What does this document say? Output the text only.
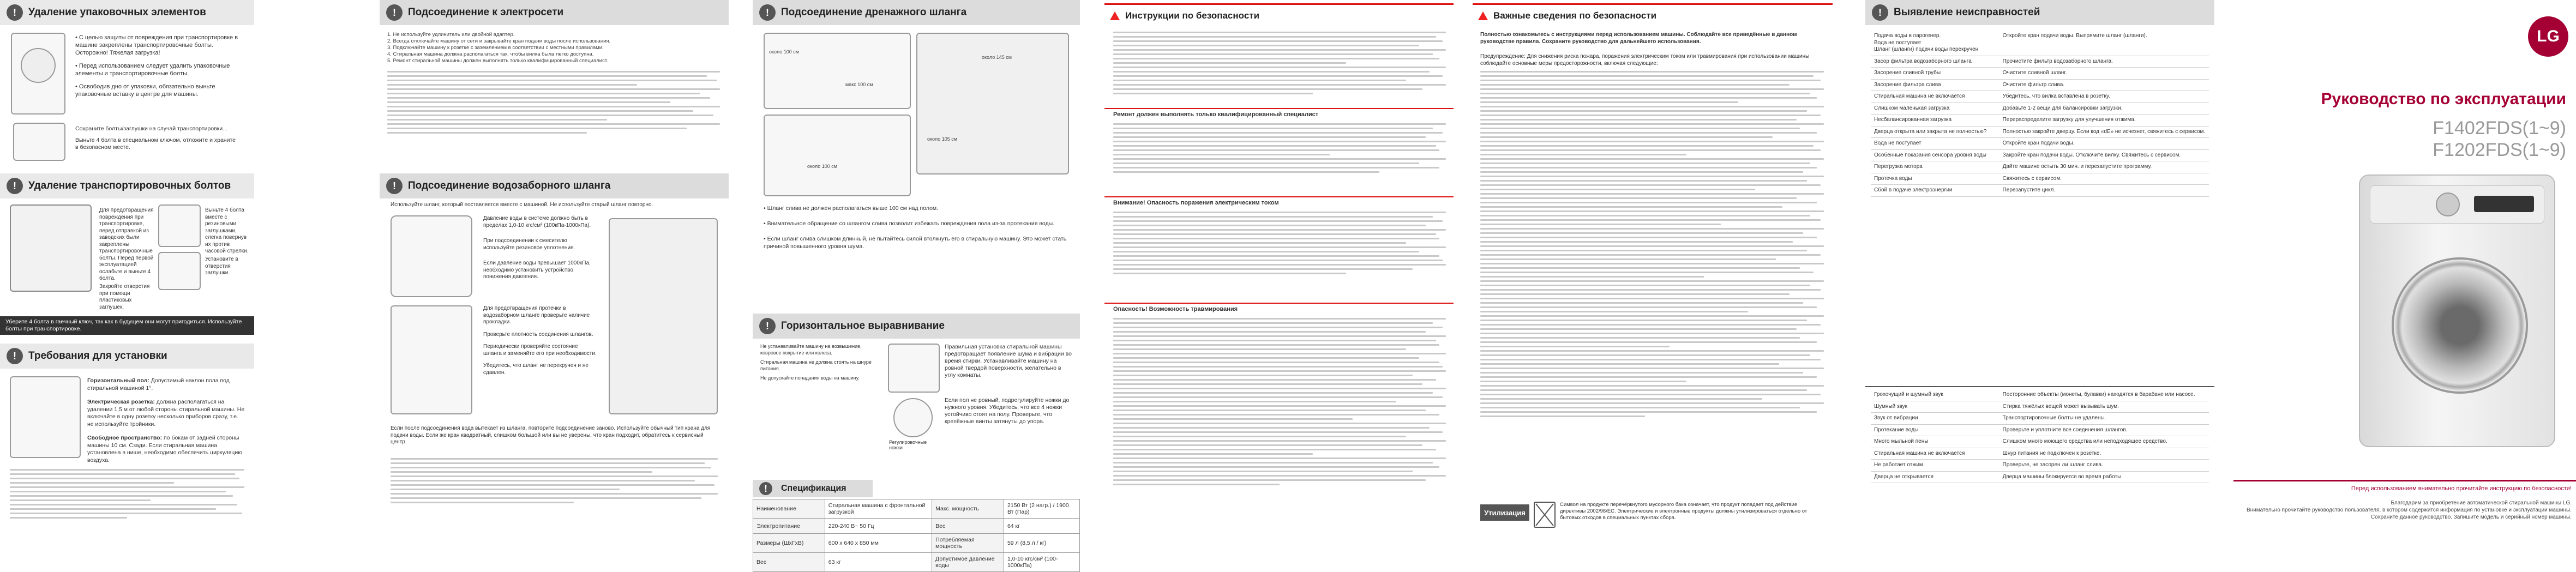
!	Удаление упаковочных элементов

• С целью защиты от повреждения при транспортировке в машине закреплены транспортировочные болты. Осторожно! Тяжелая загрузка!

• Перед использованием следует удалить упаковочные элементы и транспортировочные болты.

• Освободив дно от упаковки, обязательно выньте упаковочные вставку в центре для машины.

Сохраните болты/заглушки на случай транспортировки...

Выньте 4 болта в специальном ключом, отложите и храните в безопасном месте.

!	Удаление транспортировочных болтов
Для предотвращения повреждения при транспортировке, перед отправкой из заводских были закреплены транспортировочные болты. Перед первой эксплуатацией ослабьте и выньте 4 болта.
Выньте 4 болта вместе с резиновыми заглушками, слегка повернув их против часовой стрелки.
Закройте отверстия при помощи пластиковых заглушек.
Установите в отверстия заглушки.
Уберите 4 болта в гаечный ключ, так как в будущем они могут пригодиться. Используйте болты при транспортировке.
!	Требования для установки

Горизонтальный пол: Допустимый наклон пола под стиральной машиной 1°.

Электрическая розетка: должна располагаться на удалении 1,5 м от любой стороны стиральной машины. Не включайте в одну розетку несколько приборов сразу, т.е. не используйте тройники.

Свободное пространство: по бокам от задней стороны машины 10 см. Сзади. Если стиральная машина установлена в нише, необходимо обеспечить циркуляцию воздуха.

!	Подсоединение к электросети

1. Не используйте удлинитель или двойной адаптер.

2. Всегда отключайте машину от сети и закрывайте кран подачи воды после использования.

3. Подключайте машину к розетке с заземлением в соответствии с местными правилами.

4. Стиральная машина должна располагаться так, чтобы вилка была легко доступна.

5. Ремонт стиральной машины должен выполнять только квалифицированный специалист.

!	Подсоединение водозаборного шланга
Используйте шланг, который поставляется вместе с машиной. Не используйте старый шланг повторно.

Давление воды в системе должно быть в пределах 1,0-10 кгс/см² (100кПа-1000кПа).

При подсоединении к смесителю используйте резиновое уплотнение.

Если давление воды превышает 1000кПа, необходимо установить устройство понижения давления.

Для предотвращения протечки в водозаборном шланге проверьте наличие прокладки.

Проверьте плотность соединения шлангов.

Периодически проверяйте состояние шланга и заменяйте его при необходимости.

Убедитесь, что шланг не перекручен и не сдавлен.

Если после подсоединения вода вытекает из шланга, повторите подсоединение заново. Используйте обычный тип крана для подачи воды. Если же кран квадратный, слишком большой или вы не уверены, что кран подходит, обратитесь к сервисный центр.
!	Подсоединение дренажного шланга
около 100 см
макс 100 см
около 145 см
около 105 см
около 100 см

• Шланг слива не должен располагаться выше 100 см над полом.

• Внимательное обращение со шлангом слива позволит избежать повреждения пола из-за протекания воды.

• Если шланг слива слишком длинный, не пытайтесь силой втолкнуть его в стиральную машину. Это может стать причиной повышенного уровня шума.

!	Горизонтальное выравнивание

Не устанавливайте машину на возвышение, ковровое покрытие или колеса.

Стиральная машина не должна стоять на шнуре питания.

Не допускайте попадания воды на машину.

Правильная установка стиральной машины предотвращает появление шума и вибрации во время стирки. Устанавливайте машину на ровной твердой поверхности, желательно в углу комнаты.
Регулировочные
ножки
Если пол не ровный, подрегулируйте ножки до нужного уровня. Убедитесь, что все 4 ножки устойчиво стоят на полу. Проверьте, что крепёжные винты затянуты до упора.
!	Спецификация
Наименование	Стиральная машина с фронтальной загрузкой	Макс. мощность	2150 Вт (2 нагр.) / 1900 Вт (Пар)
Электропитание	220-240 В~ 50 Гц	Вес	64 кг
Размеры (ШхГхВ)	600 х 640 х 850 мм	Потребляемая мощность	59 л (8,5 л / кг)
Вес	63 кг	Допустимое давление воды	1,0-10 кгс/см² (100-1000кПа)
Инструкции по безопасности
Ремонт должен выполнять только квалифицированный специалист
Внимание! Опасность поражения электрическим током
Опасность! Возможность травмирования
Важные сведения по безопасности
Полностью ознакомьтесь с инструкциями перед использованием машины. Соблюдайте все приведённые в данном руководстве правила. Сохраните руководство для дальнейшего использования.
Предупреждение: Для снижения риска пожара, поражения электрическим током или травмирования при использовании машины соблюдайте основные меры предосторожности, включая следующие:
Утилизация
Символ на продукте перечёркнутого мусорного бака означает, что продукт попадает под действие директивы 2002/96/EC. Электрические и электронные продукты должны утилизироваться отдельно от бытовых отходов в специальных пунктах сбора.
!	Выявление неисправностей
Подача воды в парогенер.
Вода не поступает
Шланг (шланги) подачи воды перекручен	Откройте кран подачи воды. Выпрямите шланг (шланги).
Засор фильтра водозаборного шланга	Прочистите фильтр водозаборного шланга.
Засорение сливной трубы	Очистите сливной шланг.
Засорение фильтра слива	Очистите фильтр слива.
Стиральная машина не включается	Убедитесь, что вилка вставлена в розетку.
Слишком маленькая загрузка	Добавьте 1-2 вещи для балансировки загрузки.
Несбалансированная загрузка	Перераспределите загрузку для улучшения отжима.
Дверца открыта или закрыта не полностью?	Полностью закройте дверцу. Если код «dE» не исчезнет, свяжитесь с сервисом.
Вода не поступает	Откройте кран подачи воды.
Особенные показания сенсора уровня воды	Закройте кран подачи воды. Отключите вилку. Свяжитесь с сервисом.
Перегрузка мотора	Дайте машине остыть 30 мин. и перезапустите программу.
Протечка воды	Свяжитесь с сервисом.
Сбой в подаче электроэнергии	Перезапустите цикл.
Грохочущий и шумный звук	Посторонние объекты (монеты, булавки) находятся в барабане или насосе.
Шумный звук	Стирка тяжёлых вещей может вызывать шум.
Звук от вибрации	Транспортировочные болты не удалены.
Протекание воды	Проверьте и уплотните все соединения шлангов.
Много мыльной пены	Слишком много моющего средства или неподходящее средство.
Стиральная машина не включается	Шнур питания не подключен к розетке.
Не работает отжим	Проверьте, не засорен ли шланг слива.
Дверца не открывается	Дверца машины блокируется во время работы.
LG
Руководство по эксплуатации
F1402FDS(1~9)
F1202FDS(1~9)
Перед использованием внимательно прочитайте инструкцию по безопасности!

Благодарим за приобретение автоматической стиральной машины LG.

Внимательно прочитайте руководство пользователя, в котором содержится информация по установке и эксплуатации машины.

Сохраните данное руководство. Запишите модель и серийный номер машины.
